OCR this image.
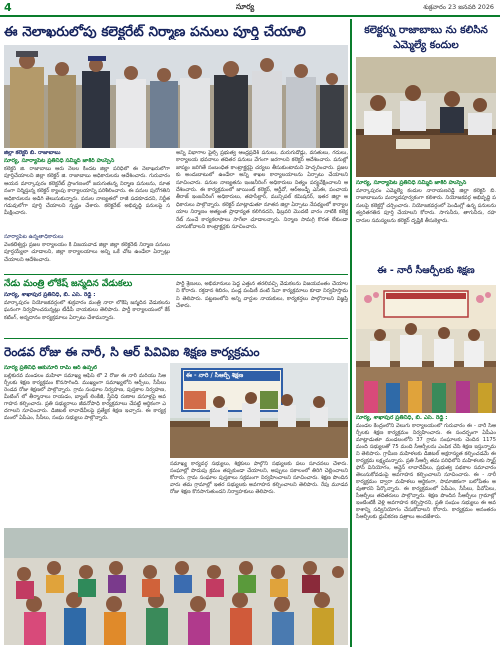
4	సూర్య	శుక్రవారం 23 జనవరి 2026
ఈ నెలాఖరులోపు కలెక్టరేట్ నిర్మాణ పనులు పూర్తి చేయాలి
జిల్లా కలెక్టర్ బి. రాజాబాబు
సూర్య, సూర్యాపేట ప్రతినిధి సమ్మిద్ జాకిర్ హుస్సేన్
కలెక్టర్ జి. రాజాబాబు ఆరు నెలల కిందట జిల్లా పరిధిలో ఈ నెలాఖరులోగా పూర్తిచేయాలని జిల్లా కలెక్టర్ జి. రాజాబాబు అధికారులను ఆదేశించారు. గురువారం ఆయన మార్కాపురం కలెక్టరేట్ ప్రాంగణంలో జరుగుతున్న నిర్మాణ పనులను, నూతనంగా నిర్మిస్తున్న కలెక్టర్ క్యాంపు కార్యాలయాన్ని పరిశీలించారు. ఈ పనుల పురోగతిని అధికారులను అడిగి తెలుసుకున్నారు. పనుల నాణ్యతలో రాజీ పడకూడదని, నిర్ణీత గడువులోగా పూర్తి చేయాలని స్పష్టం చేశారు. కలెక్టరేట్ అభివృద్ధి పనులపై సమీక్షించారు.
సూర్యాపేట ఉన్నతాధికారులు
వెంకటేశ్వర్లు ప్రజల కార్యాలయం కి విజయవాడ జిల్లా జిల్లా కలెక్టరేట్ నిర్మాణ పనులు పూర్తయ్యేలా చూడాలని, జిల్లా కార్యాలయాలు అన్ని ఒకే చోట ఉండేలా ఏర్పాట్లు చేయాలని ఆదేశించారు.
అన్ని విభాగాల ఫైల్స్ ప్రభుత్వ ఆంధ్రప్రదేశ్ పనులు, మరుగుదొడ్లు, వసతులు, గదులు, కార్యాలయ భవనాలు తదితర పనులు వేగంగా జరగాలని కలెక్టర్ ఆదేశించారు. పనుల్లో జాప్యం జరిగితే సంబంధిత కాంట్రాక్టర్లపై చర్యలు తీసుకుంటామని హెచ్చరించారు. ప్రజలకు అందుబాటులో ఉండేలా అన్ని శాఖల కార్యాలయాలను ఏర్పాటు చేయాలని సూచించారు. పనుల నాణ్యతను ఇంజనీరింగ్ అధికారులు నిత్యం పర్యవేక్షించాలని ఆదేశించారు. ఈ కార్యక్రమంలో జాయింట్ కలెక్టర్, ఆర్డీవో, ఆర్అండ్బీ ఎస్ఈ, పంచాయతీరాజ్ ఇంజనీరింగ్ అధికారులు, తహసీల్దార్, మున్సిపల్ కమిషనర్, ఇతర జిల్లా అధికారులు పాల్గొన్నారు. కలెక్టర్ మాట్లాడుతూ నూతన జిల్లా ఏర్పాటు నేపథ్యంలో కార్యాలయాల నిర్మాణం అత్యంత ప్రాధాన్యత కలిగినదని, ఫిబ్రవరి మొదటి వారం నాటికి కలెక్టరేట్ నుంచే కార్యకలాపాలు సాగేలా చూడాలన్నారు. నిర్మాణ సామగ్రి కొరత లేకుండా చూసుకోవాలని కాంట్రాక్టర్లకు సూచించారు.
నేడు మంత్రి లోకేష్ జన్మదిన వేడుకలు
సూర్య, శాఖాపుర ప్రతినిధి, బి. ఎస్. రెడ్డి :
మార్కాపురం నియోజకవర్గంలో శుక్రవారం మంత్రి నారా లోకేష్ జన్మదిన వేడుకలను ఘనంగా నిర్వహించనున్నట్లు టీడీపీ నాయకులు తెలిపారు. పార్టీ కార్యాలయంలో కేక్ కటింగ్, అన్నదానం కార్యక్రమాలు ఏర్పాటు చేశామన్నారు.
పార్టీ శ్రేణులు, అభిమానులు పెద్ద ఎత్తున తరలివచ్చి వేడుకలను విజయవంతం చేయాలని కోరారు. రక్తదాన శిబిరం, పండ్ల పంపిణీ వంటి సేవా కార్యక్రమాలు కూడా నిర్వహిస్తామని తెలిపారు. పట్టణంలోని అన్ని వార్డుల నాయకులు, కార్యకర్తలు పాల్గొనాలని విజ్ఞప్తి చేశారు.
రెండవ రోజు ఈ నారీ, సి ఆర్ పివివిఐ శిక్షణ కార్యక్రమం
సూర్య ప్రతినిధి ఆకునూరి రామ్ ఆర్ ఉప్పల్
బల్లికురవ మండలం మహిళా సమాఖ్య ఆఫీస్ లో 2 రోజు ఈ నారీ మరియు సీఆర్పీలకు శిక్షణ కార్యక్రమం కొనసాగింది. ముఖ్యంగా సమాఖ్యలోని ఆర్పీలు, సీసీలు రెండవ రోజు శిక్షణలో పాల్గొన్నారు. గ్రామ సంఘాల నిర్వహణ, పుస్తకాల నిర్వహణ, మీటింగ్ లో తీర్మానాలు రాయడం, బ్యాంక్ లింకేజీ, స్త్రీనిధి రుణాల వసూళ్లపై అవగాహన కల్పించారు. ప్రతి సభ్యురాలు జీవనోపాధి కార్యక్రమాలు చేపట్టి ఆర్థికంగా ఎదగాలని సూచించారు. డిజిటల్ లావాదేవీలపై ప్రత్యేక శిక్షణ ఇచ్చారు. ఈ కార్యక్రమంలో ఏపీఎం, సీసీలు, సంఘ సభ్యులు పాల్గొన్నారు.
ఈ - నారి / సీఆర్పీ శిక్షణ
సమాఖ్య కార్యవర్గ సభ్యులు, శిక్షకులు పాల్గొని సభ్యులకు పలు సూచనలు చేశారు. సంఘాల్లో పొదుపు క్రమం తప్పకుండా చేయాలని, అప్పులు సకాలంలో తిరిగి చెల్లించాలని కోరారు. గ్రామ సంఘాల పుస్తకాలు సక్రమంగా నిర్వహించాలని సూచించారు. శిక్షణ పొందిన వారు తమ గ్రామాల్లో ఇతర సభ్యులకు అవగాహన కల్పించాలని తెలిపారు. రేపు మూడవ రోజు శిక్షణ కొనసాగుతుందని నిర్వాహకులు తెలిపారు.
కలెక్టర్ను రాజాబాబు ను కలిసిన ఎమ్మెల్యే కందుల
సూర్య, సూర్యాపేట ప్రతినిధి సమ్మిద్ జాకిర్ హుస్సేన్
మార్కాపురం ఎమ్మెల్యే కందుల నారాయణరెడ్డి జిల్లా కలెక్టర్ బి. రాజాబాబును మర్యాదపూర్వకంగా కలిశారు. నియోజకవర్గ అభివృద్ధి పనులపై కలెక్టర్తో చర్చించారు. నియోజకవర్గంలో పెండింగ్లో ఉన్న పనులను త్వరితగతిన పూర్తి చేయాలని కోరారు. సాగునీరు, తాగునీరు, రహదారుల సమస్యలను కలెక్టర్ దృష్టికి తీసుకెళ్లారు.
ఈ - నారీ సీఆర్పీలకు శిక్షణ
సూర్య, శాఖాపుర ప్రతినిధి, బి. ఎస్. రెడ్డి :
మండల కేంద్రంలోని వెలుగు కార్యాలయంలో గురువారం ఈ - నారీ సీఆర్పీలకు శిక్షణ కార్యక్రమం నిర్వహించారు. ఈ సందర్భంగా ఏపీఎం మాట్లాడుతూ మండలంలోని 37 గ్రామ సంఘాలకు చెందిన 1175 మంది సభ్యులతో 75 మంది సీఆర్పీలను ఎంపిక చేసి శిక్షణ ఇస్తున్నామని తెలిపారు. గ్రామీణ మహిళలకు డిజిటల్ అక్షరాస్యత కల్పించడమే ఈ కార్యక్రమ లక్ష్యమన్నారు. ప్రతి సీఆర్పీ తమ పరిధిలోని మహిళలకు స్మార్ట్ ఫోన్ వినియోగం, ఆన్లైన్ లావాదేవీలు, ప్రభుత్వ పథకాల సమాచారం తెలుసుకోవడంపై అవగాహన కల్పించాలని సూచించారు. ఈ - నారీ కార్యక్రమం ద్వారా మహిళలు ఆర్థికంగా, సామాజికంగా బలోపేతం అవుతారని పేర్కొన్నారు. ఈ కార్యక్రమంలో ఏపీఎం, సీసీలు, వీవోఏలు, సీఆర్పీలు తదితరులు పాల్గొన్నారు. శిక్షణ పొందిన సీఆర్పీలు గ్రామాల్లో ఇంటింటికీ వెళ్లి అవగాహన కల్పిస్తారని, ప్రతి సంఘం సభ్యులు ఈ అవకాశాన్ని సద్వినియోగం చేసుకోవాలని కోరారు. కార్యక్రమం అనంతరం సీఆర్పీలకు ధ్రువీకరణ పత్రాలు అందజేశారు.
